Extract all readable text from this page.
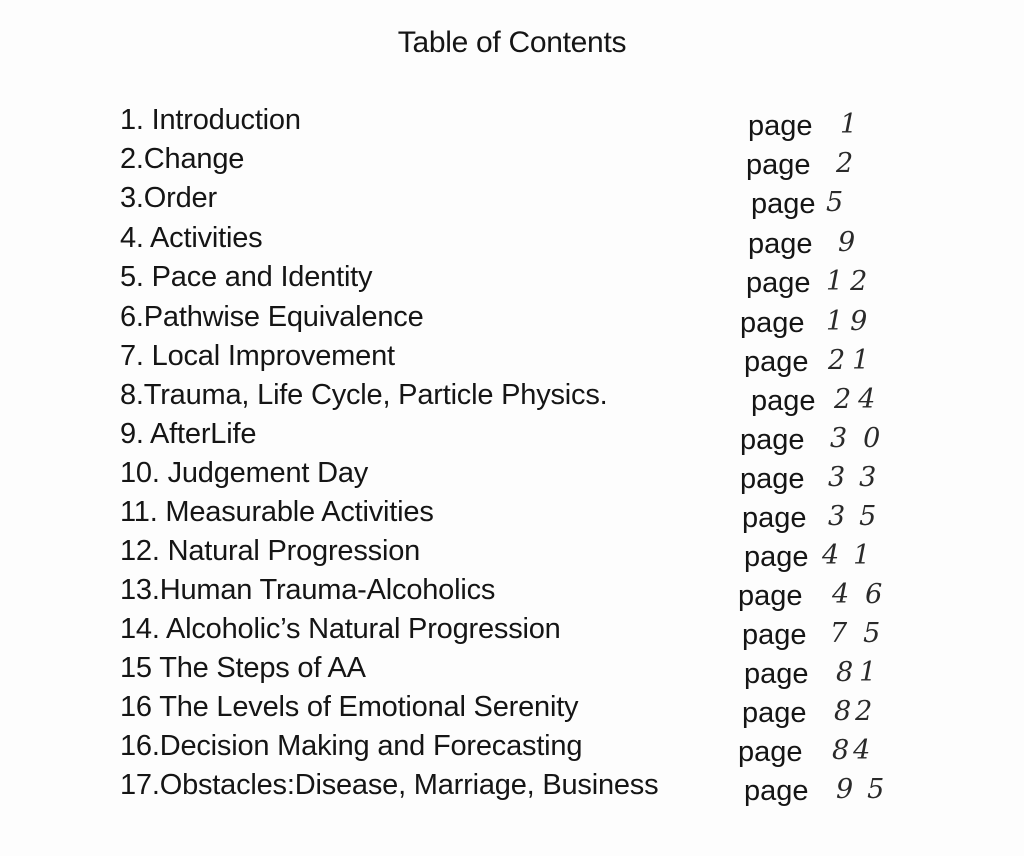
Table of Contents
1. Introduction	page 1
2.Change	page 2
3.Order	page 5
4. Activities	page 9
5. Pace and Identity	page 12
6.Pathwise Equivalence	page 19
7. Local Improvement	page 21
8.Trauma, Life Cycle, Particle Physics.	page 24
9. AfterLife	page 30
10. Judgement Day	page 33
11. Measurable Activities	page 35
12. Natural Progression	page 41
13.Human Trauma-Alcoholics	page 46
14. Alcoholic’s Natural Progression	page 75
15 The Steps of AA	page 81
16 The Levels of Emotional Serenity	page 82
16.Decision Making and Forecasting	page 84
17.Obstacles:Disease, Marriage, Business	page 95
